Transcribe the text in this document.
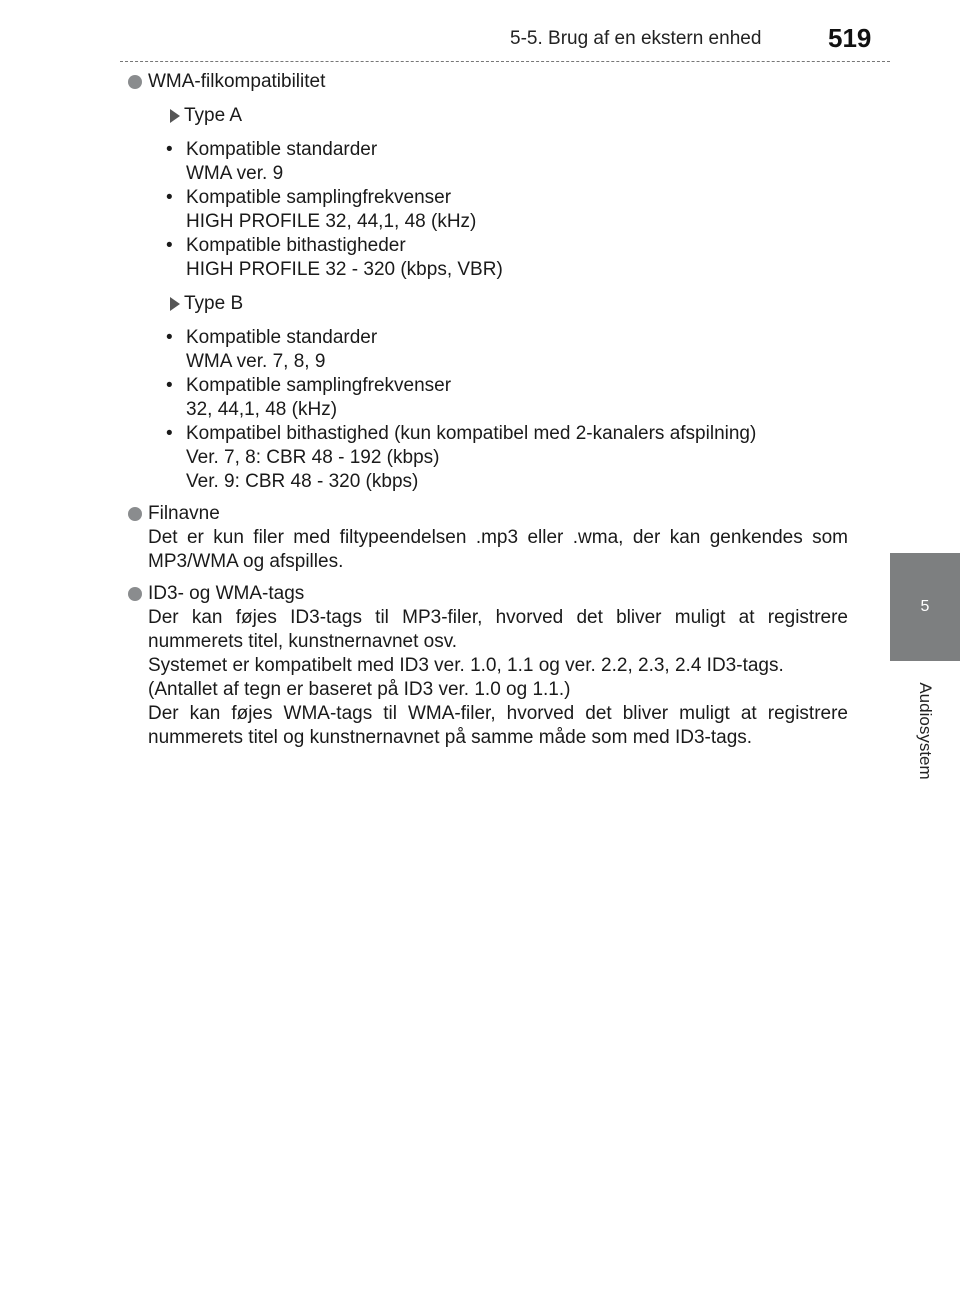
5-5. Brug af en ekstern enhed	519
5
Audiosystem
WMA-filkompatibilitet
Type A
• Kompatible standarder
WMA ver. 9
• Kompatible samplingfrekvenser
HIGH PROFILE 32, 44,1, 48 (kHz)
• Kompatible bithastigheder
HIGH PROFILE 32 - 320 (kbps, VBR)
Type B
• Kompatible standarder
WMA ver. 7, 8, 9
• Kompatible samplingfrekvenser
32, 44,1, 48 (kHz)
• Kompatibel bithastighed (kun kompatibel med 2-kanalers afspilning)
Ver. 7, 8: CBR 48 - 192 (kbps)
Ver. 9: CBR 48 - 320 (kbps)
Filnavne
Det er kun filer med filtypeendelsen .mp3 eller .wma, der kan genkendes som MP3/WMA og afspilles.
ID3- og WMA-tags
Der kan føjes ID3-tags til MP3-filer, hvorved det bliver muligt at registrere nummerets titel, kunstnernavnet osv.
Systemet er kompatibelt med ID3 ver. 1.0, 1.1 og ver. 2.2, 2.3, 2.4 ID3-tags.
(Antallet af tegn er baseret på ID3 ver. 1.0 og 1.1.)
Der kan føjes WMA-tags til WMA-filer, hvorved det bliver muligt at registrere nummerets titel og kunstnernavnet på samme måde som med ID3-tags.
